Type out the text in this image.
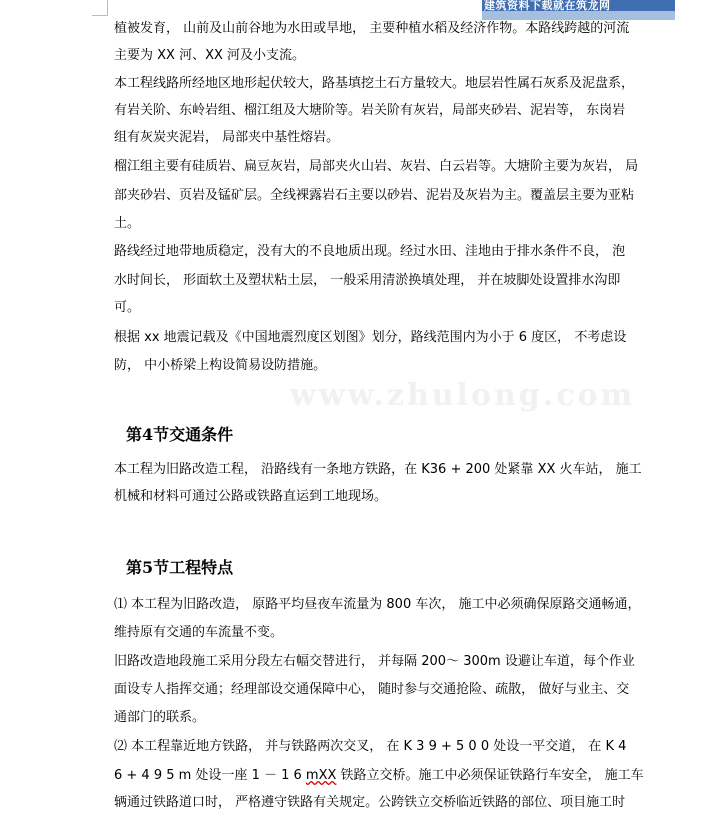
建筑资料下载就在筑龙网
www.zhulong.com
植被发育， 山前及山前谷地为水田或旱地， 主要种植水稻及经济作物。本路线跨越的河流
主要为 XX 河、XX 河及小支流。
本工程线路所经地区地形起伏较大，路基填挖土石方量较大。地层岩性属石灰系及泥盘系，
有岩关阶、东岭岩组、榴江组及大塘阶等。岩关阶有灰岩，局部夹砂岩、泥岩等， 东岗岩
组有灰炭夹泥岩， 局部夹中基性熔岩。
榴江组主要有硅质岩、扁豆灰岩，局部夹火山岩、灰岩、白云岩等。大塘阶主要为灰岩， 局
部夹砂岩、页岩及锰矿层。全线裸露岩石主要以砂岩、泥岩及灰岩为主。覆盖层主要为亚粘
土。
路线经过地带地质稳定，没有大的不良地质出现。经过水田、洼地由于排水条件不良， 泡
水时间长， 形面软土及塑状粘土层， 一般采用清淤换填处理， 并在坡脚处设置排水沟即
可。
根据 xx 地震记载及《中国地震烈度区划图》划分，路线范围内为小于 6 度区， 不考虑设
防， 中小桥梁上构设简易设防措施。
第4节交通条件
本工程为旧路改造工程， 沿路线有一条地方铁路，在 K36 + 200 处紧靠 XX 火车站， 施工
机械和材料可通过公路或铁路直运到工地现场。
第5节工程特点
⑴ 本工程为旧路改造， 原路平均昼夜车流量为 800 车次， 施工中必须确保原路交通畅通，
维持原有交通的车流量不变。
旧路改造地段施工采用分段左右幅交替进行， 并每隔 200～ 300m 设避让车道，每个作业
面设专人指挥交通；经理部设交通保障中心， 随时参与交通抢险、疏散， 做好与业主、交
通部门的联系。
⑵ 本工程靠近地方铁路， 并与铁路两次交叉， 在 K 3 9 + 5 0 0 处设一平交道， 在 K 4
6 + 4 9 5 m 处设一座 1 － 1 6 mXX 铁路立交桥。施工中必须保证铁路行车安全， 施工车
辆通过铁路道口时， 严格遵守铁路有关规定。公跨铁立交桥临近铁路的部位、项目施工时
